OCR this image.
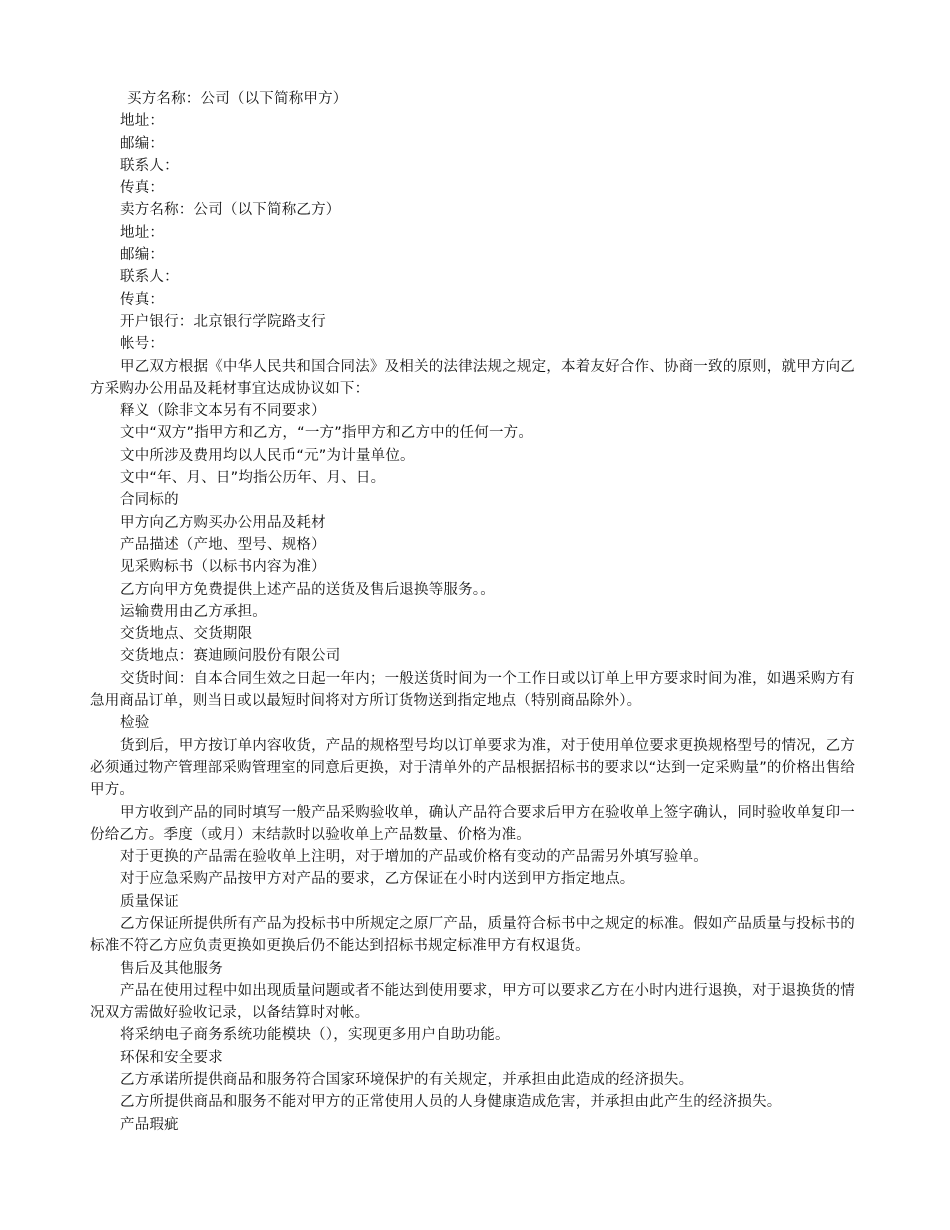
买方名称：公司（以下简称甲方）

地址：

邮编：

联系人：

传真：

卖方名称：公司（以下简称乙方）

地址：

邮编：

联系人：

传真：

开户银行：北京银行学院路支行

帐号：

甲乙双方根据《中华人民共和国合同法》及相关的法律法规之规定，本着友好合作、协商一致的原则，就甲方向乙方采购办公用品及耗材事宜达成协议如下：

释义（除非文本另有不同要求）

文中“双方”指甲方和乙方，“一方”指甲方和乙方中的任何一方。

文中所涉及费用均以人民币“元”为计量单位。

文中“年、月、日”均指公历年、月、日。

合同标的

甲方向乙方购买办公用品及耗材

产品描述（产地、型号、规格）

见采购标书（以标书内容为准）

乙方向甲方免费提供上述产品的送货及售后退换等服务。。

运输费用由乙方承担。

交货地点、交货期限

交货地点：赛迪顾问股份有限公司

交货时间：自本合同生效之日起一年内；一般送货时间为一个工作日或以订单上甲方要求时间为准，如遇采购方有急用商品订单，则当日或以最短时间将对方所订货物送到指定地点（特别商品除外）。

检验

货到后，甲方按订单内容收货，产品的规格型号均以订单要求为准，对于使用单位要求更换规格型号的情况，乙方必须通过物产管理部采购管理室的同意后更换，对于清单外的产品根据招标书的要求以“达到一定采购量”的价格出售给甲方。

甲方收到产品的同时填写一般产品采购验收单，确认产品符合要求后甲方在验收单上签字确认，同时验收单复印一份给乙方。季度（或月）末结款时以验收单上产品数量、价格为准。

对于更换的产品需在验收单上注明，对于增加的产品或价格有变动的产品需另外填写验单。

对于应急采购产品按甲方对产品的要求，乙方保证在小时内送到甲方指定地点。

质量保证

乙方保证所提供所有产品为投标书中所规定之原厂产品，质量符合标书中之规定的标准。假如产品质量与投标书的标准不符乙方应负责更换如更换后仍不能达到招标书规定标准甲方有权退货。

售后及其他服务

产品在使用过程中如出现质量问题或者不能达到使用要求，甲方可以要求乙方在小时内进行退换，对于退换货的情况双方需做好验收记录，以备结算时对帐。

将采纳电子商务系统功能模块（），实现更多用户自助功能。

环保和安全要求

乙方承诺所提供商品和服务符合国家环境保护的有关规定，并承担由此造成的经济损失。

乙方所提供商品和服务不能对甲方的正常使用人员的人身健康造成危害，并承担由此产生的经济损失。

产品瑕疵
